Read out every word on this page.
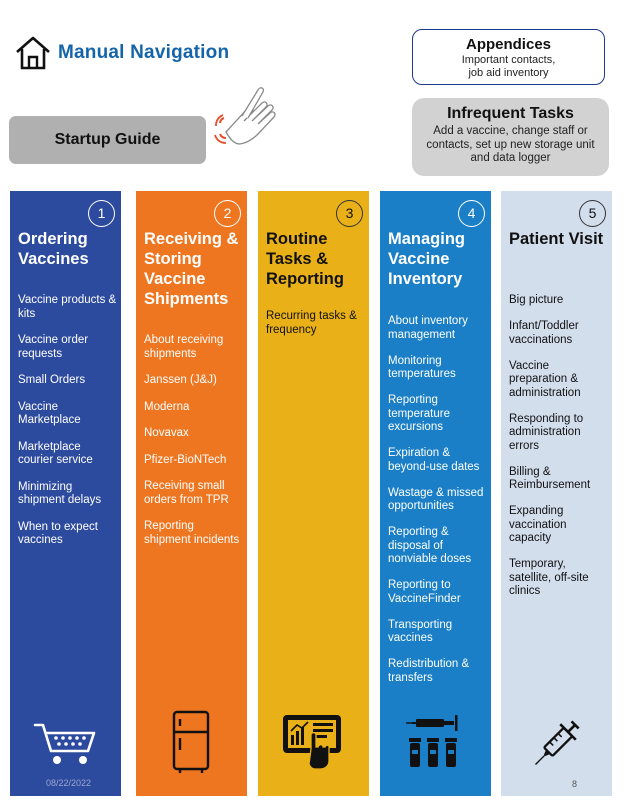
Manual Navigation	Appendices
Important contacts,
job aid inventory
Infrequent Tasks
Add a vaccine, change staff or contacts, set up new storage unit and data logger
Startup Guide
1
Ordering Vaccines
Vaccine products & kits
Vaccine order requests
Small Orders
Vaccine Marketplace
Marketplace courier service
Minimizing shipment delays
When to expect vaccines
2
Receiving & Storing Vaccine Shipments
About receiving shipments
Janssen (J&J)
Moderna
Novavax
Pfizer-BioNTech
Receiving small orders from TPR
Reporting shipment incidents
3
Routine Tasks & Reporting
Recurring tasks & frequency
4
Managing Vaccine Inventory
About inventory management
Monitoring temperatures
Reporting temperature excursions
Expiration & beyond-use dates
Wastage & missed opportunities
Reporting & disposal of nonviable doses
Reporting to VaccineFinder
Transporting vaccines
Redistribution & transfers
5
Patient Visit
Big picture
Infant/Toddler vaccinations
Vaccine preparation & administration
Responding to administration errors
Billing & Reimbursement
Expanding vaccination capacity
Temporary, satellite, off-site clinics
08/22/2022	8
